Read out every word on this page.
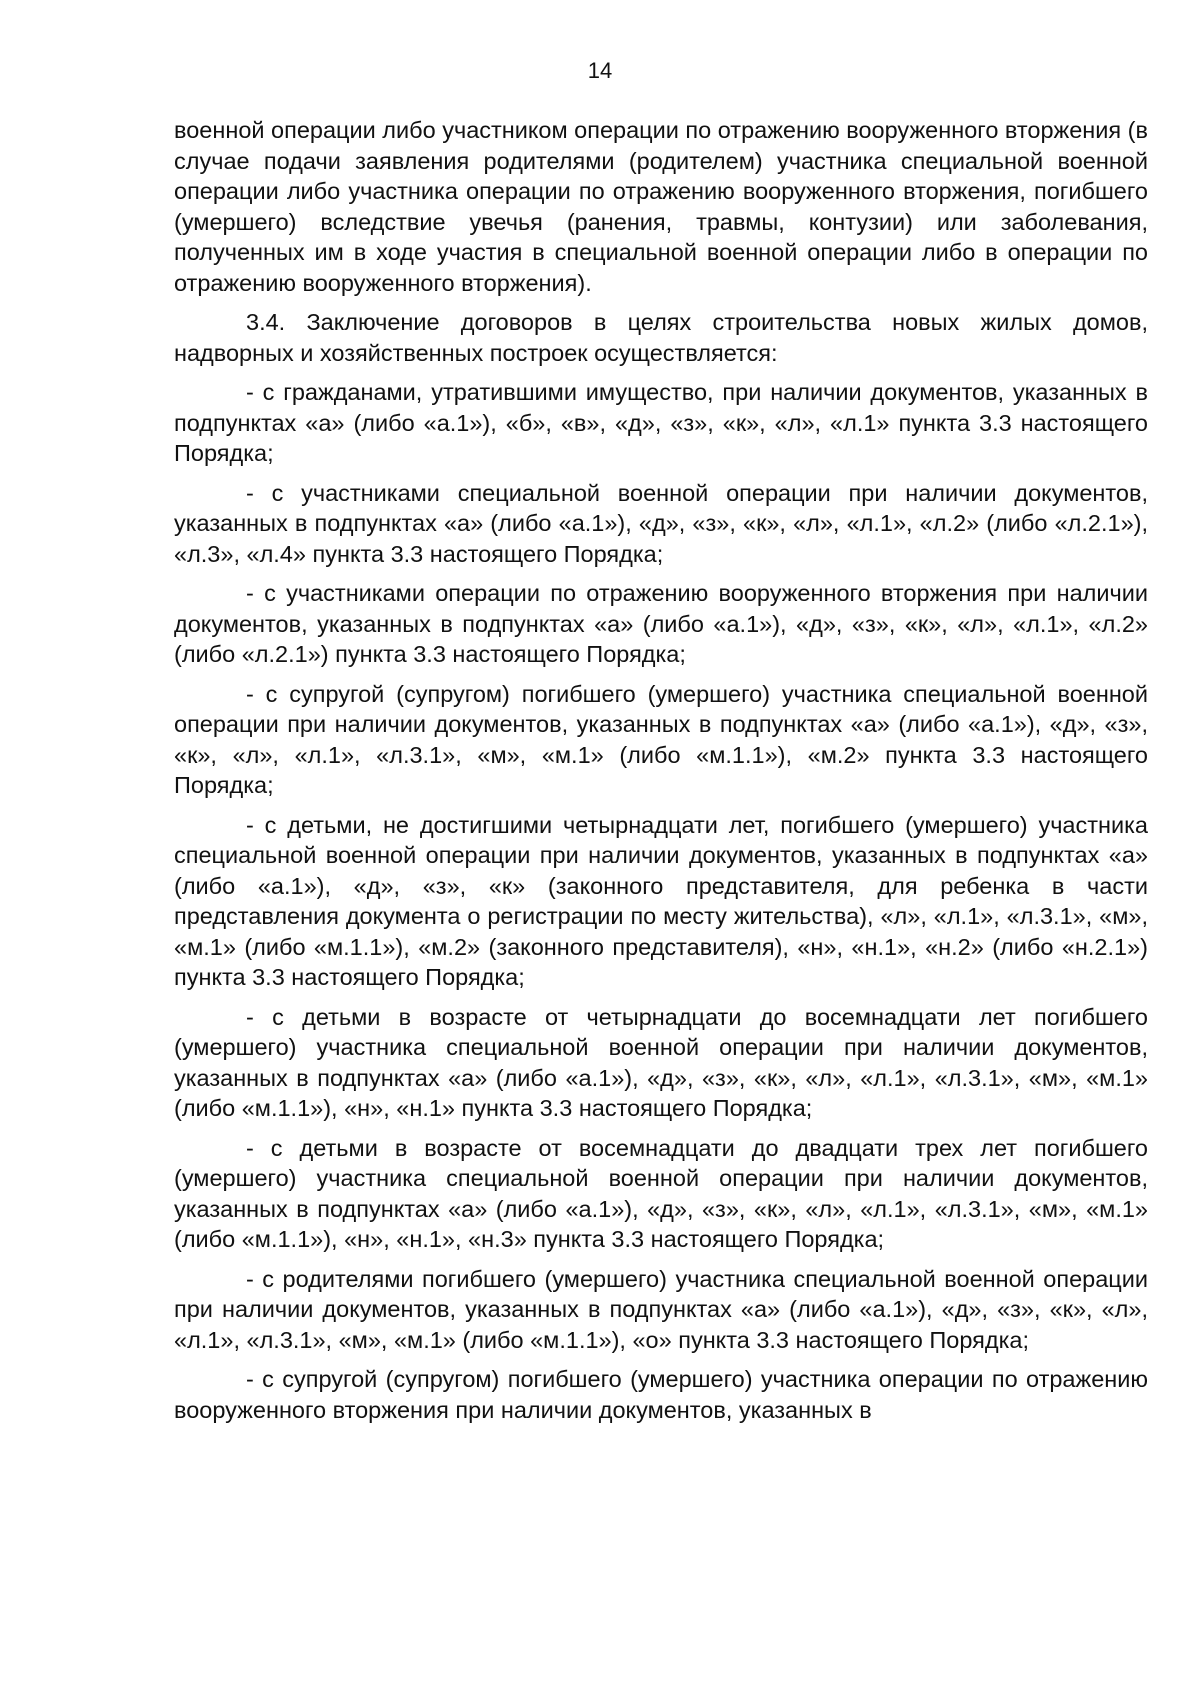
14

военной операции либо участником операции по отражению вооруженного вторжения (в случае подачи заявления родителями (родителем) участника специальной военной операции либо участника операции по отражению вооруженного вторжения, погибшего (умершего) вследствие увечья (ранения, травмы, контузии) или заболевания, полученных им в ходе участия в специальной военной операции либо в операции по отражению вооруженного вторжения).

3.4. Заключение договоров в целях строительства новых жилых домов, надворных и хозяйственных построек осуществляется:

- с гражданами, утратившими имущество, при наличии документов, указанных в подпунктах «а» (либо «а.1»), «б», «в», «д», «з», «к», «л», «л.1» пункта 3.3 настоящего Порядка;

- с участниками специальной военной операции при наличии документов, указанных в подпунктах «а» (либо «а.1»), «д», «з», «к», «л», «л.1», «л.2» (либо «л.2.1»), «л.3», «л.4» пункта 3.3 настоящего Порядка;

- с участниками операции по отражению вооруженного вторжения при наличии документов, указанных в подпунктах «а» (либо «а.1»), «д», «з», «к», «л», «л.1», «л.2» (либо «л.2.1») пункта 3.3 настоящего Порядка;

- с супругой (супругом) погибшего (умершего) участника специальной военной операции при наличии документов, указанных в подпунктах «а» (либо «а.1»), «д», «з», «к», «л», «л.1», «л.3.1», «м», «м.1» (либо «м.1.1»), «м.2» пункта 3.3 настоящего Порядка;

- с детьми, не достигшими четырнадцати лет, погибшего (умершего) участника специальной военной операции при наличии документов, указанных в подпунктах «а» (либо «а.1»), «д», «з», «к» (законного представителя, для ребенка в части представления документа о регистрации по месту жительства), «л», «л.1», «л.3.1», «м», «м.1» (либо «м.1.1»), «м.2» (законного представителя), «н», «н.1», «н.2» (либо «н.2.1») пункта 3.3 настоящего Порядка;

- с детьми в возрасте от четырнадцати до восемнадцати лет погибшего (умершего) участника специальной военной операции при наличии документов, указанных в подпунктах «а» (либо «а.1»), «д», «з», «к», «л», «л.1», «л.3.1», «м», «м.1» (либо «м.1.1»), «н», «н.1» пункта 3.3 настоящего Порядка;

- с детьми в возрасте от восемнадцати до двадцати трех лет погибшего (умершего) участника специальной военной операции при наличии документов, указанных в подпунктах «а» (либо «а.1»), «д», «з», «к», «л», «л.1», «л.3.1», «м», «м.1» (либо «м.1.1»), «н», «н.1», «н.3» пункта 3.3 настоящего Порядка;

- с родителями погибшего (умершего) участника специальной военной операции при наличии документов, указанных в подпунктах «а» (либо «а.1»), «д», «з», «к», «л», «л.1», «л.3.1», «м», «м.1» (либо «м.1.1»), «о» пункта 3.3 настоящего Порядка;

- с супругой (супругом) погибшего (умершего) участника операции по отражению вооруженного вторжения при наличии документов, указанных в
